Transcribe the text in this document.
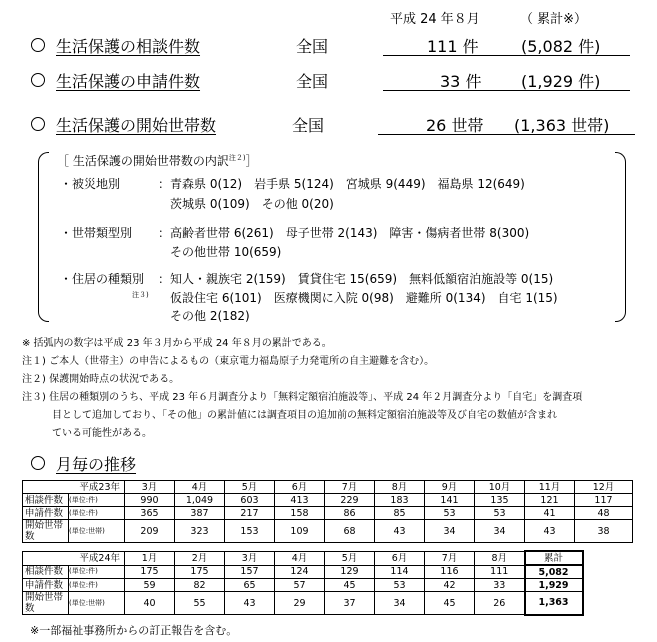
平成 24 年８月	（ 累計※）
生活保護の相談件数	全国	111 件	(5,082 件)
生活保護の申請件数	全国	33 件 (1,929 件)
生活保護の開始世帯数	全国	26 世帯 (1,363 世帯)
［ 生活保護の開始世帯数の内訳$^{注2)}$］
・被災地別	：青森県 0(12)　岩手県 5(124)　宮城県 9(449)　福島県 12(649)
　茨城県 0(109)　その他 0(20)
・世帯類型別 ：高齢者世帯 6(261)　母子世帯 2(143)　障害・傷病者世帯 8(300)
　その他世帯 10(659)
・住居の種類別
注３)
：知人・親族宅 2(159)　賃貸住宅 15(659)　無料低額宿泊施設等 0(15)
　仮設住宅 6(101)　医療機関に入院 0(98)　避難所 0(134)　自宅 1(15)
　その他 2(182)
※ 括弧内の数字は平成 23 年３月から平成 24 年８月の累計である。
注１) ご本人（世帯主）の申告によるもの（東京電力福島原子力発電所の自主避難を含む）。
注２) 保護開始時点の状況である。
注３) 住居の種類別のうち、平成 23 年６月調査分より「無料定額宿泊施設等」、平成 24 年２月調査分より「自宅」を調査項
　　　目として追加しており、「その他」の累計値には調査項目の追加前の無料定額宿泊施設等及び自宅の数値が含まれ
　　　ている可能性がある。
月毎の推移
平成23年		3月	4月	5月	6月	7月	8月	9月	10月	11月	12月
相談件数	(単位:件)	990	1,049	603	413	229	183	141	135	121	117
申請件数	(単位:件)	365	387	217	158	86	85	53	53	41	48
開始世帯数	(単位:世帯)	209	323	153	109	68	43	34	34	43	38
平成24年		1月	2月	3月	4月	5月	6月	7月	8月	累計
相談件数	(単位:件)	175	175	157	124	129	114	116	111	5,082
申請件数	(単位:件)	59	82	65	57	45	53	42	33	1,929
開始世帯数	(単位:世帯)	40	55	43	29	37	34	45	26	1,363
※一部福祉事務所からの訂正報告を含む。
